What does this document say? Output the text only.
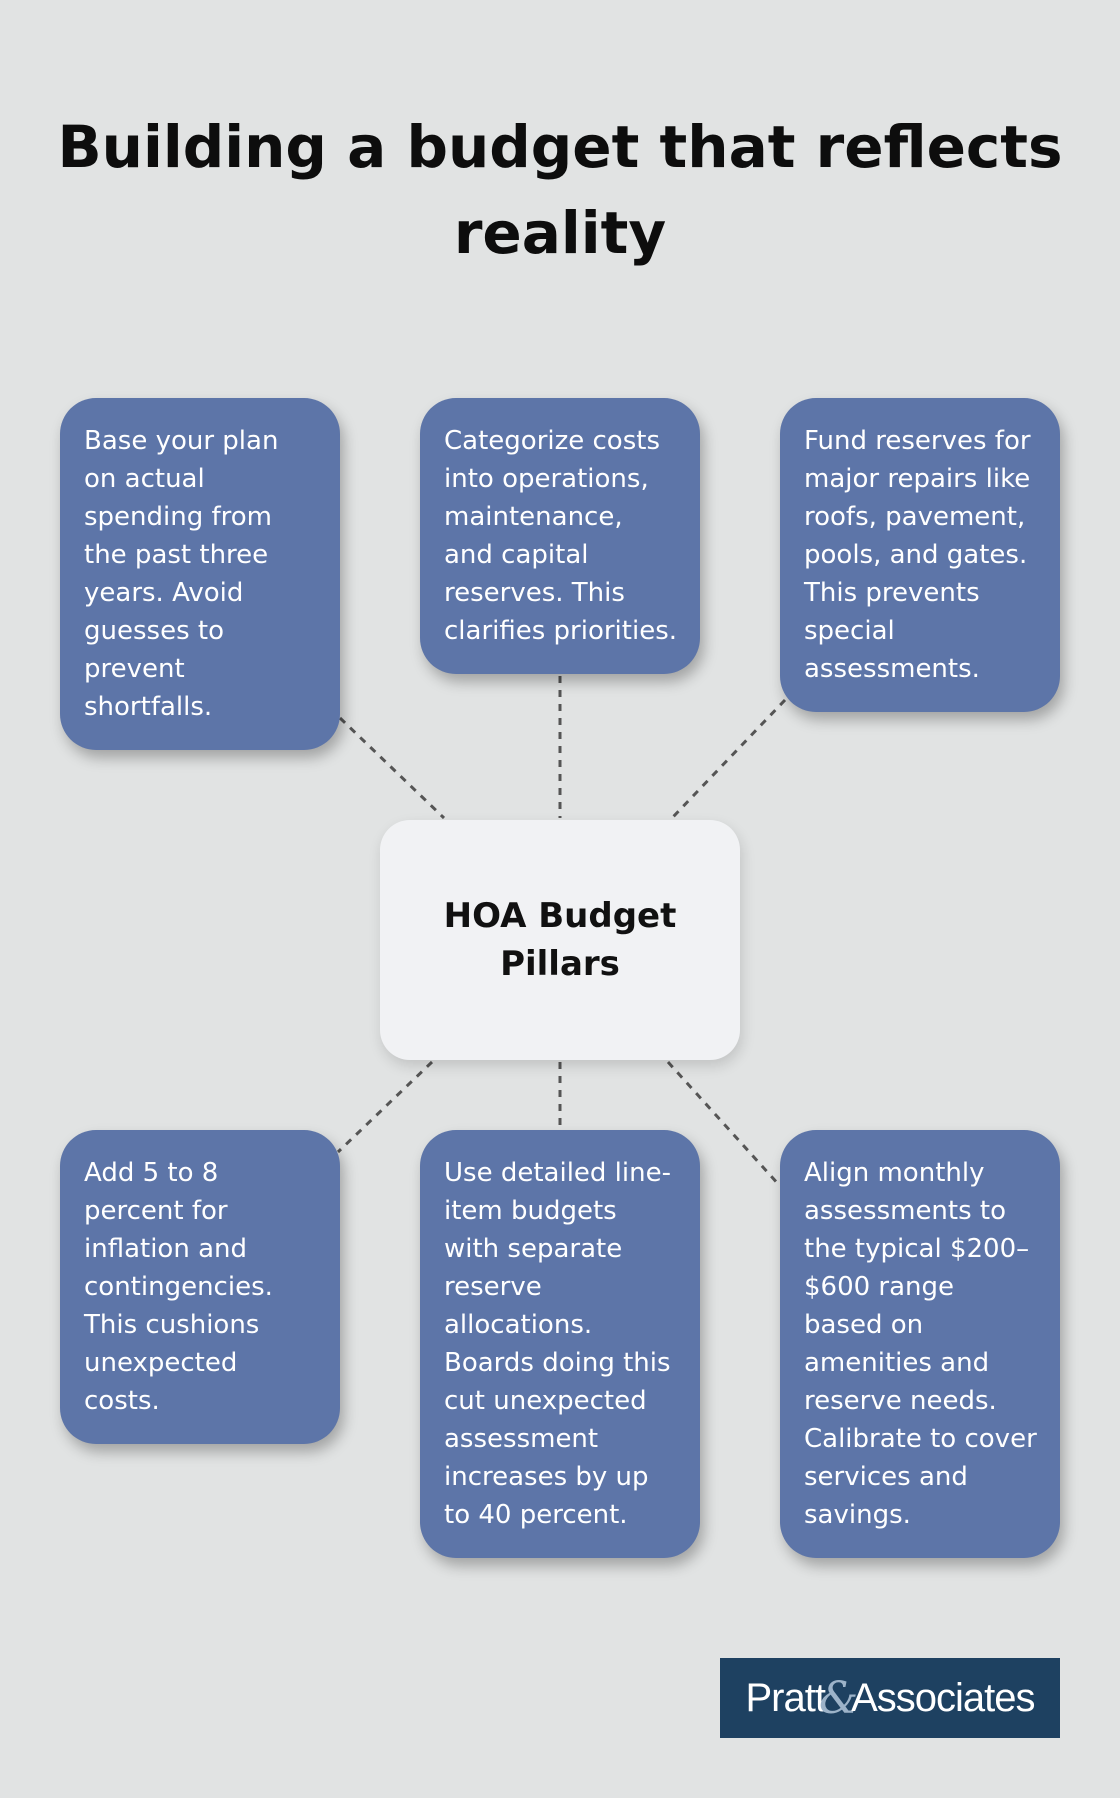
Building a budget that reflects reality
Base your plan on actual spending from the past three years. Avoid guesses to prevent shortfalls.
Categorize costs into operations, maintenance, and capital reserves. This clarifies priorities.
Fund reserves for major repairs like roofs, pavement, pools, and gates. This prevents special assessments.
HOA Budget Pillars
Add 5 to 8 percent for inflation and contingencies. This cushions unexpected costs.
Use detailed line-item budgets with separate reserve allocations. Boards doing this cut unexpected assessment increases by up to 40 percent.
Align monthly assessments to the typical $200–$600 range based on amenities and reserve needs. Calibrate to cover services and savings.
Pratt
&
Associates
